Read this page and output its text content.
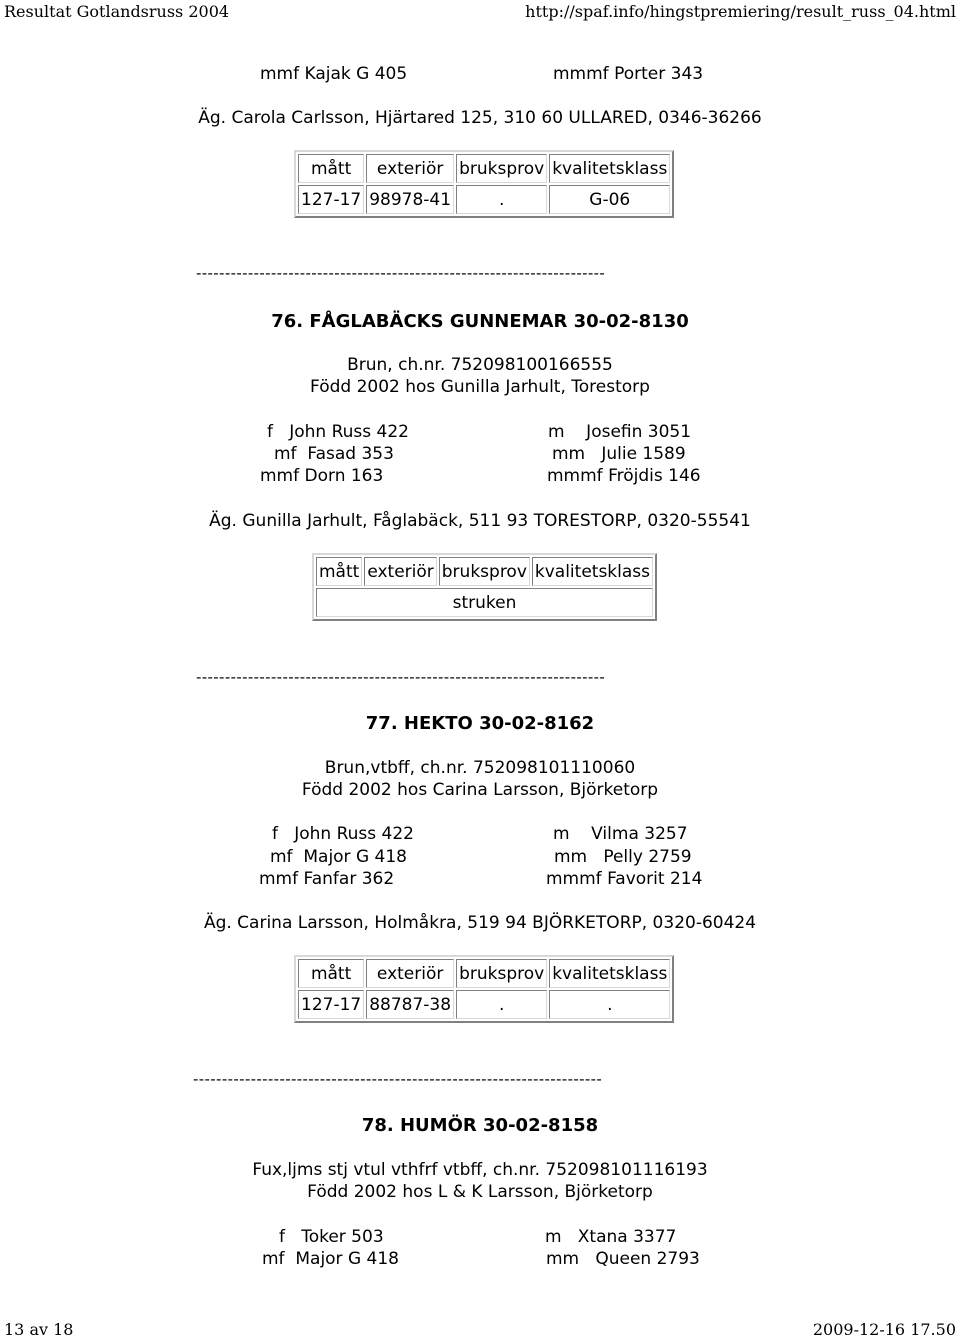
Resultat Gotlandsruss 2004	http://spaf.info/hingstpremiering/result_russ_04.html
mmf Kajak G 405	mmmf Porter 343
Äg. Carola Carlsson, Hjärtared 125, 310 60 ULLARED, 0346-36266
mått	exteriör	bruksprov	kvalitetsklass
127-17	98978-41	.	G-06
-----------------------------------------------------------------------
76. FÅGLABÄCKS GUNNEMAR 30-02-8130
Brun, ch.nr. 752098100166555
Född 2002 hos Gunilla Jarhult, Torestorp
f   John Russ 422	m    Josefin 3051
mf  Fasad 353	mm   Julie 1589
mmf Dorn 163	mmmf Fröjdis 146
Äg. Gunilla Jarhult, Fåglabäck, 511 93 TORESTORP, 0320-55541
mått	exteriör	bruksprov	kvalitetsklass
struken
-----------------------------------------------------------------------
77. HEKTO 30-02-8162
Brun,vtbff, ch.nr. 752098101110060
Född 2002 hos Carina Larsson, Björketorp
f   John Russ 422	m    Vilma 3257
mf  Major G 418	mm   Pelly 2759
mmf Fanfar 362	mmmf Favorit 214
Äg. Carina Larsson, Holmåkra, 519 94 BJÖRKETORP, 0320-60424
mått	exteriör	bruksprov	kvalitetsklass
127-17	88787-38	.	.
-----------------------------------------------------------------------
78. HUMÖR 30-02-8158
Fux,ljms stj vtul vthfrf vtbff, ch.nr. 752098101116193
Född 2002 hos L & K Larsson, Björketorp
f   Toker 503	m   Xtana 3377
mf  Major G 418	mm   Queen 2793
13 av 18	2009-12-16 17.50
